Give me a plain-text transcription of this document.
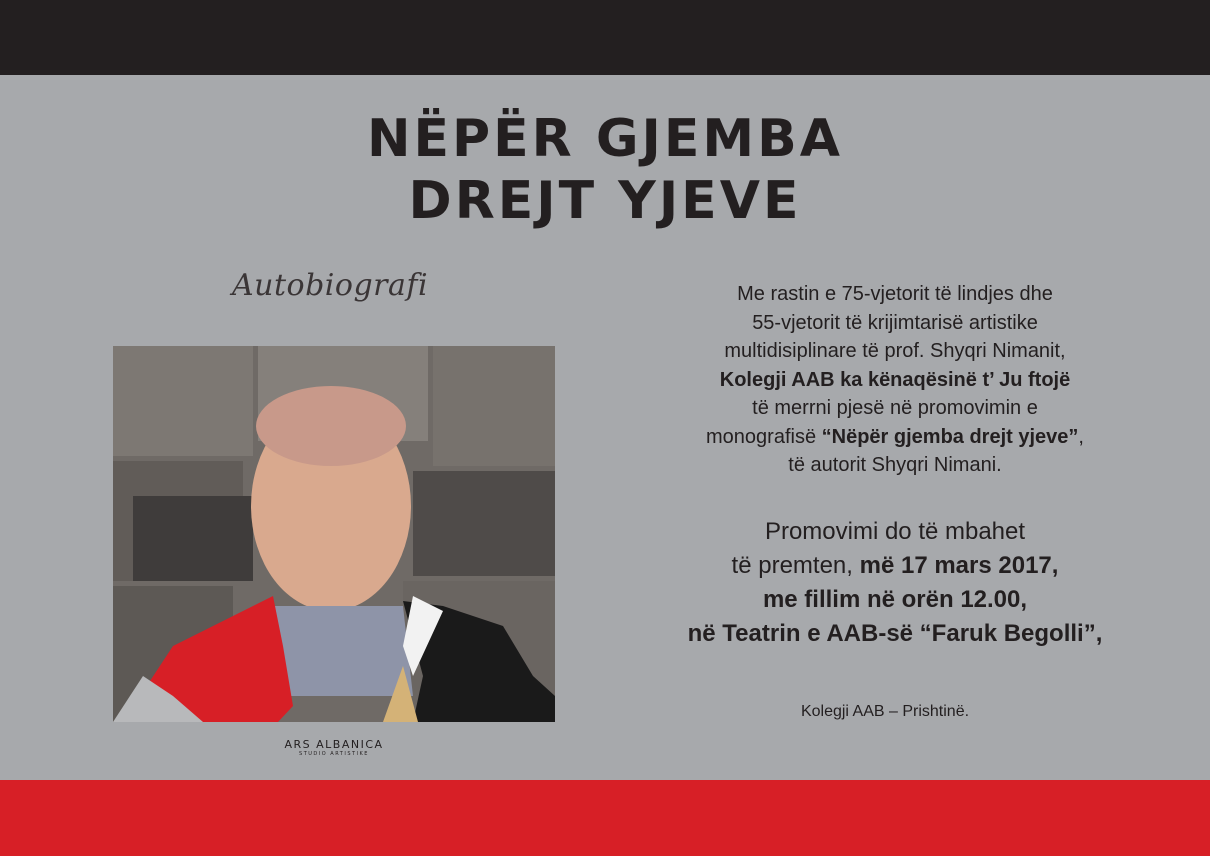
NËPËR GJEMBA
DREJT YJEVE
Autobiografi
ARS ALBANICA
STUDIO ARTISTIKE

Me rastin e 75-vjetorit të lindjes dhe

55-vjetorit të krijimtarisë artistike

multidisiplinare të prof. Shyqri Nimanit,

Kolegji AAB ka kënaqësinë t’ Ju ftojë

të merrni pjesë në promovimin e

monografisë “Nëpër gjemba drejt yjeve”,

të autorit Shyqri Nimani.

Promovimi do të mbahet

të premten, më 17 mars 2017,

me fillim në orën 12.00,

në Teatrin e AAB-së “Faruk Begolli”,

Kolegji AAB – Prishtinë.
